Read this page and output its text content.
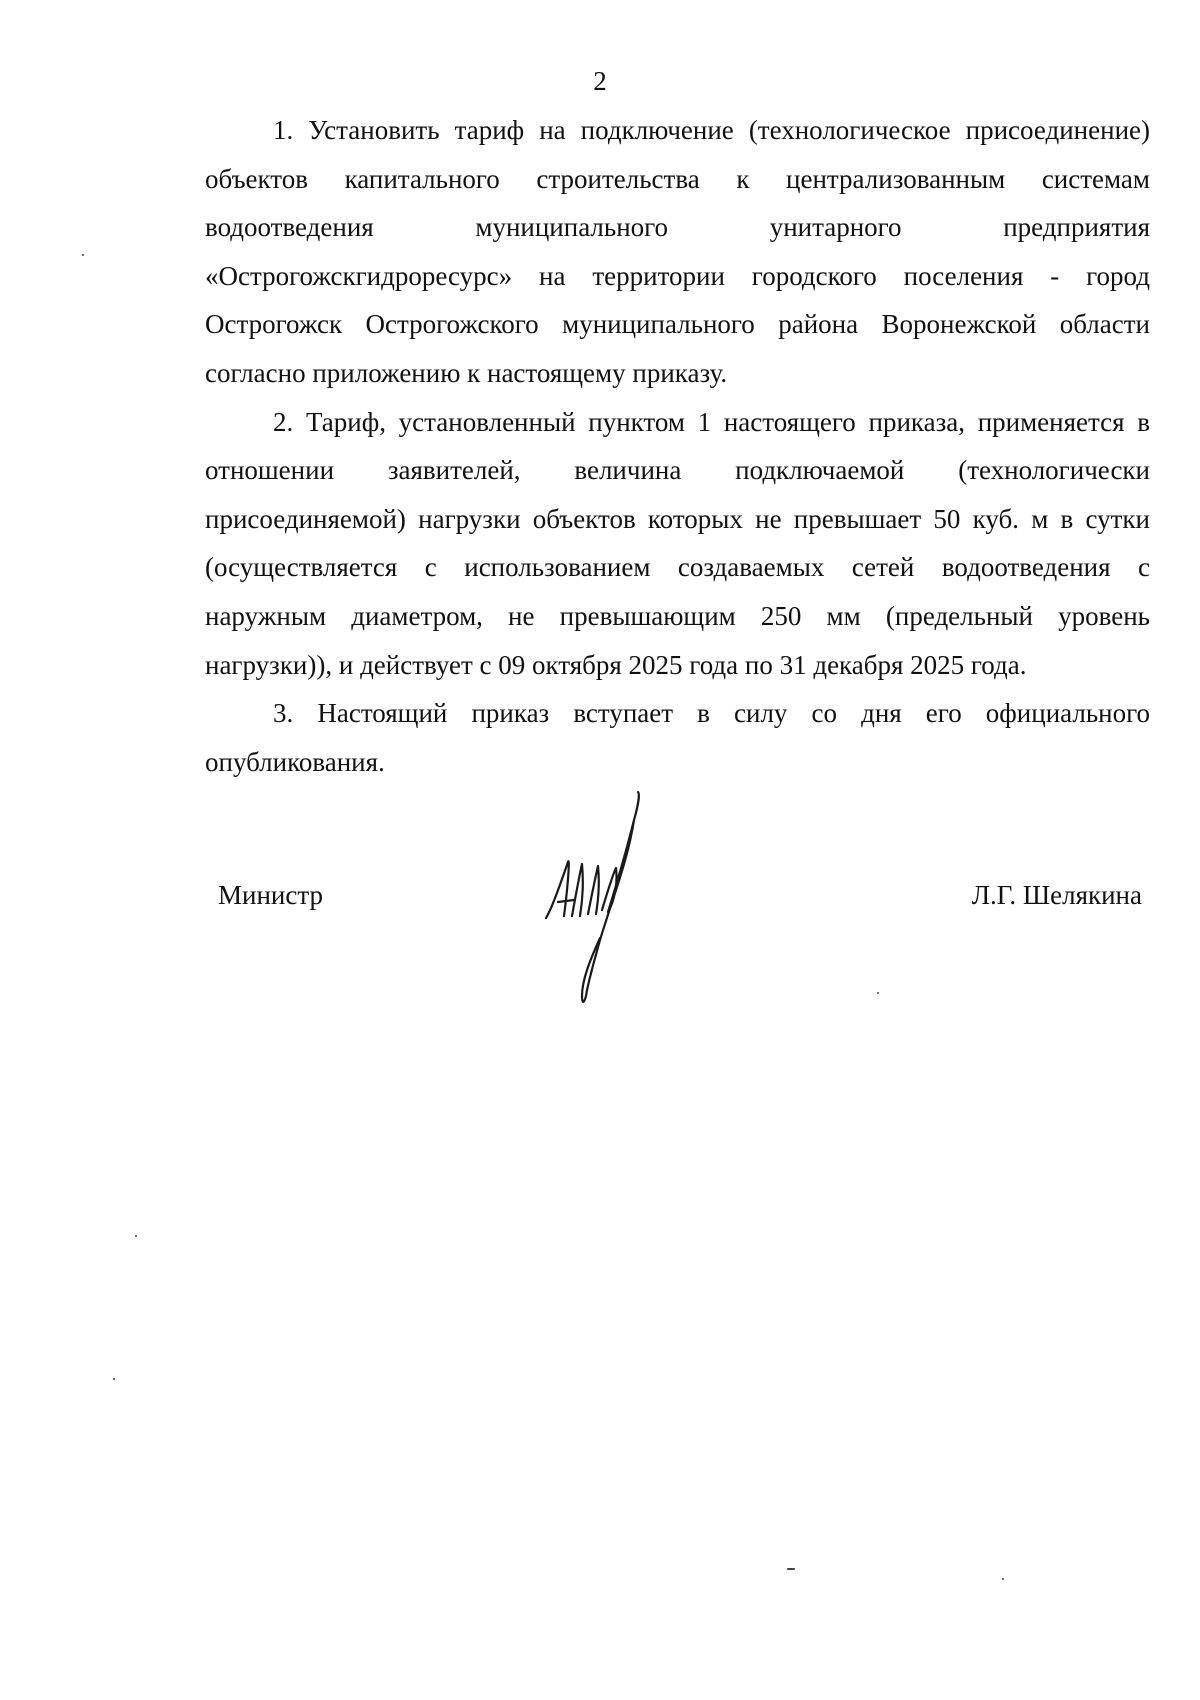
2

1. Установить тариф на подключение (технологическое присоединение) объектов капитального строительства к централизованным системам водоотведения муниципального унитарного предприятия «Острогожскгидроресурс» на территории городского поселения - город Острогожск Острогожского муниципального района Воронежской области согласно приложению к настоящему приказу.

2. Тариф, установленный пунктом 1 настоящего приказа, применяется в отношении заявителей, величина подключаемой (технологически присоединяемой) нагрузки объектов которых не превышает 50 куб. м в сутки (осуществляется с использованием создаваемых сетей водоотведения с наружным диаметром, не превышающим 250 мм (предельный уровень нагрузки)), и действует с 09 октября 2025 года по 31 декабря 2025 года.

3. Настоящий приказ вступает в силу со дня его официального опубликования.

Министр	Л.Г. Шелякина
